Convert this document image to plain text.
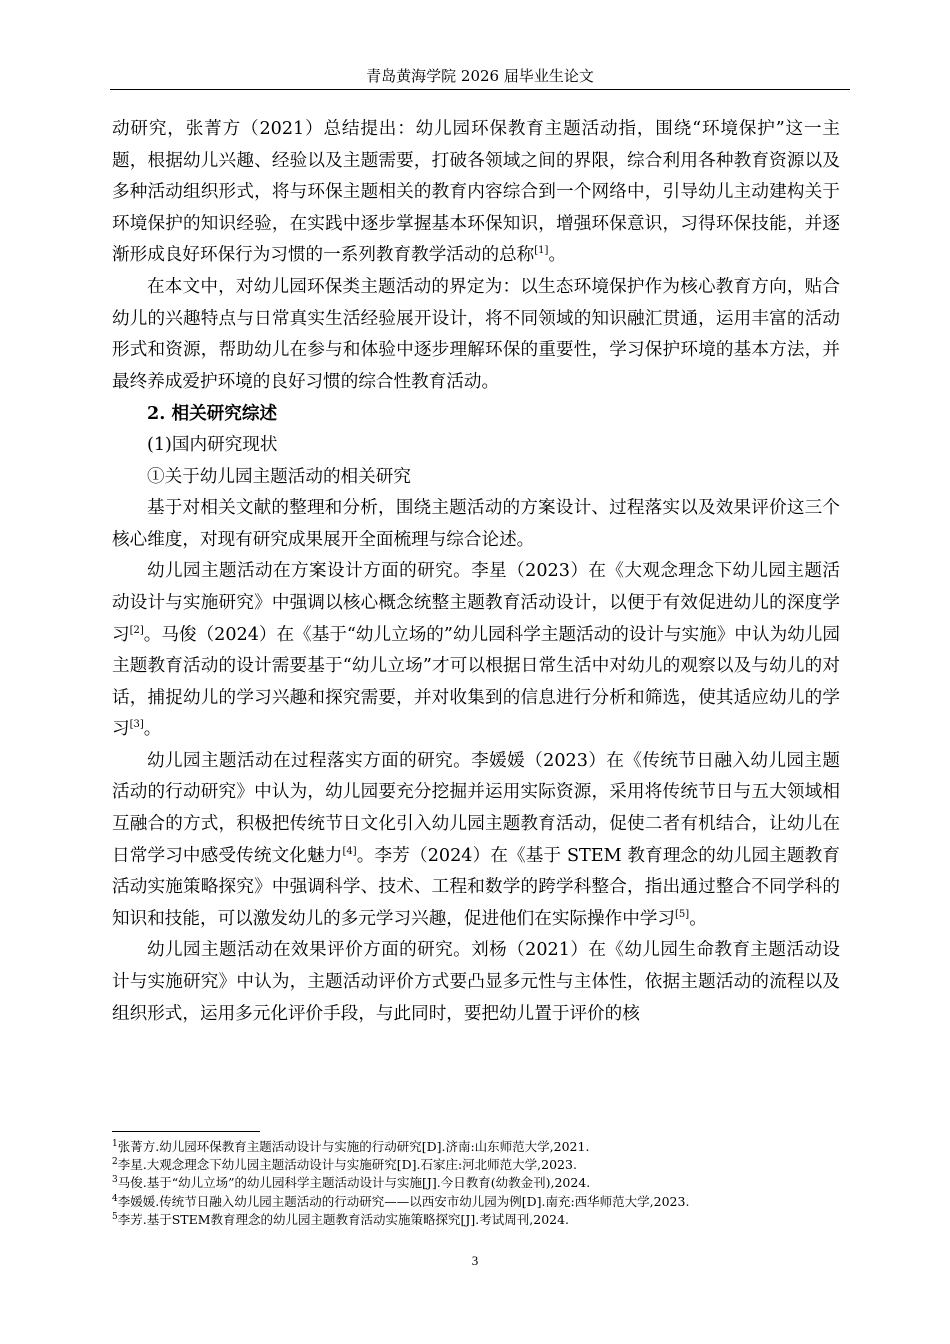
青岛黄海学院 2026 届毕业生论文

动研究，张菁方（2021）总结提出：幼儿园环保教育主题活动指，围绕“环境保护”这一主题，根据幼儿兴趣、经验以及主题需要，打破各领域之间的界限，综合利用各种教育资源以及多种活动组织形式，将与环保主题相关的教育内容综合到一个网络中，引导幼儿主动建构关于环境保护的知识经验，在实践中逐步掌握基本环保知识，增强环保意识，习得环保技能，并逐渐形成良好环保行为习惯的一系列教育教学活动的总称[1]。

在本文中，对幼儿园环保类主题活动的界定为：以生态环境保护作为核心教育方向，贴合幼儿的兴趣特点与日常真实生活经验展开设计，将不同领域的知识融汇贯通，运用丰富的活动形式和资源，帮助幼儿在参与和体验中逐步理解环保的重要性，学习保护环境的基本方法，并最终养成爱护环境的良好习惯的综合性教育活动。

2. 相关研究综述

(1)国内研究现状

①关于幼儿园主题活动的相关研究

基于对相关文献的整理和分析，围绕主题活动的方案设计、过程落实以及效果评价这三个核心维度，对现有研究成果展开全面梳理与综合论述。

幼儿园主题活动在方案设计方面的研究。李星（2023）在《大观念理念下幼儿园主题活动设计与实施研究》中强调以核心概念统整主题教育活动设计，以便于有效促进幼儿的深度学习[2]。马俊（2024）在《基于“幼儿立场的”幼儿园科学主题活动的设计与实施》中认为幼儿园主题教育活动的设计需要基于“幼儿立场”才可以根据日常生活中对幼儿的观察以及与幼儿的对话，捕捉幼儿的学习兴趣和探究需要，并对收集到的信息进行分析和筛选，使其适应幼儿的学习[3]。

幼儿园主题活动在过程落实方面的研究。李媛媛（2023）在《传统节日融入幼儿园主题活动的行动研究》中认为，幼儿园要充分挖掘并运用实际资源，采用将传统节日与五大领域相互融合的方式，积极把传统节日文化引入幼儿园主题教育活动，促使二者有机结合，让幼儿在日常学习中感受传统文化魅力[4]。李芳（2024）在《基于 STEM 教育理念的幼儿园主题教育活动实施策略探究》中强调科学、技术、工程和数学的跨学科整合，指出通过整合不同学科的知识和技能，可以激发幼儿的多元学习兴趣，促进他们在实际操作中学习[5]。

幼儿园主题活动在效果评价方面的研究。刘杨（2021）在《幼儿园生命教育主题活动设计与实施研究》中认为，主题活动评价方式要凸显多元性与主体性，依据主题活动的流程以及组织形式，运用多元化评价手段，与此同时，要把幼儿置于评价的核

$^1$张菁方.幼儿园环保教育主题活动设计与实施的行动研究[D].济南:山东师范大学,2021.
$^2$李星.大观念理念下幼儿园主题活动设计与实施研究[D].石家庄:河北师范大学,2023.
$^3$马俊.基于“幼儿立场”的幼儿园科学主题活动设计与实施[J].今日教育(幼教金刊),2024.
$^4$李媛媛.传统节日融入幼儿园主题活动的行动研究——以西安市幼儿园为例[D].南充:西华师范大学,2023.
$^5$李芳.基于STEM教育理念的幼儿园主题教育活动实施策略探究[J].考试周刊,2024.
3
